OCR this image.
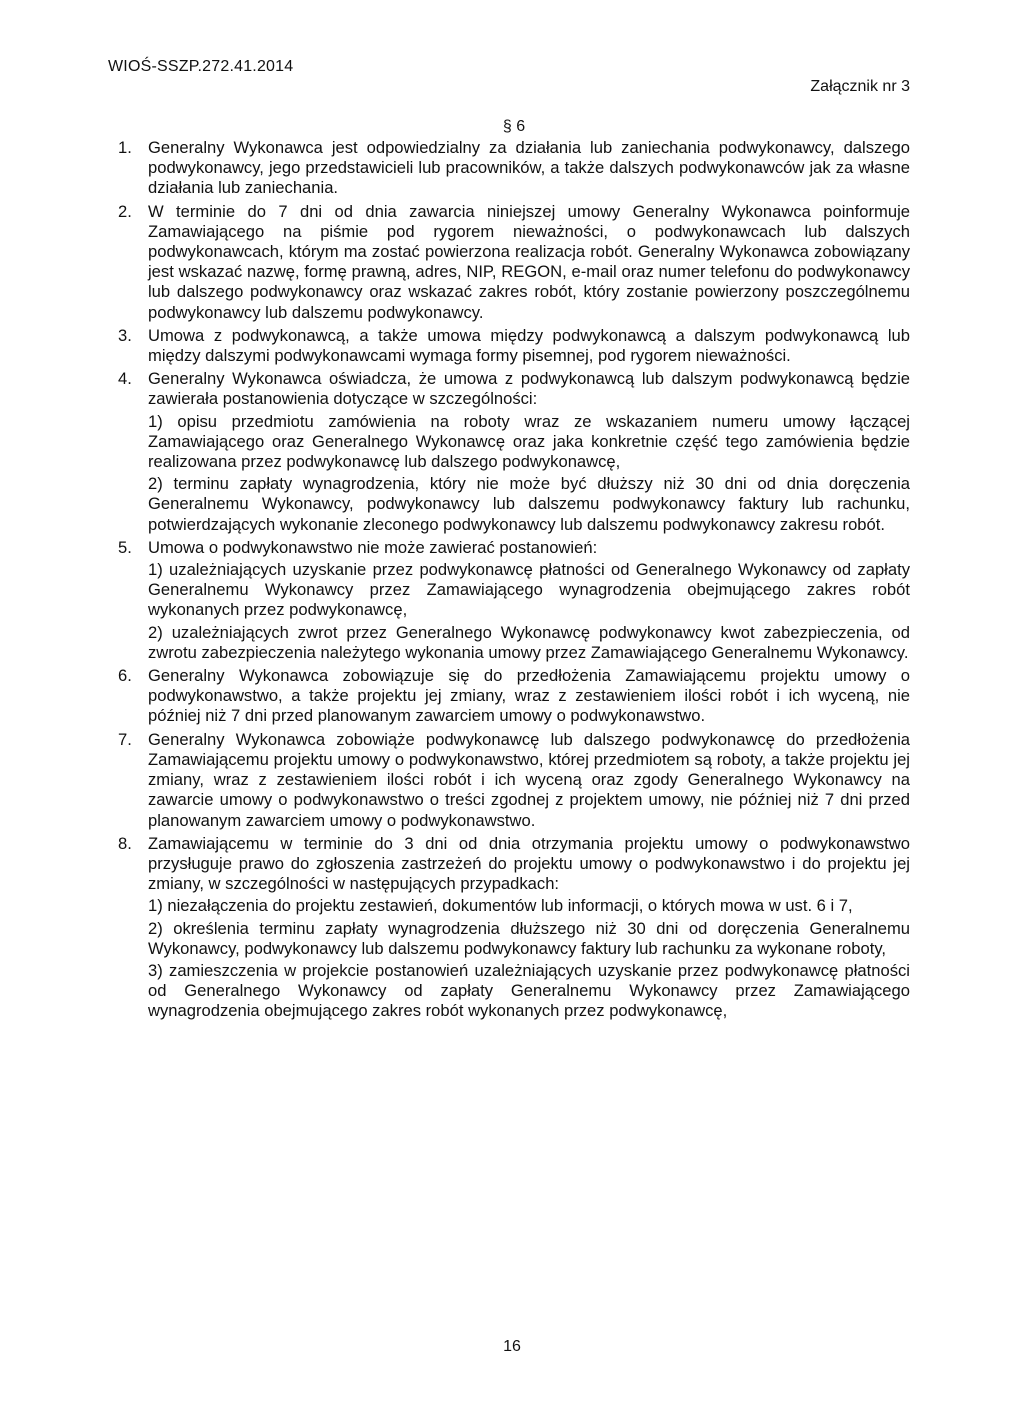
WIOŚ-SSZP.272.41.2014
Załącznik nr 3
§ 6
1. Generalny Wykonawca jest odpowiedzialny za działania lub zaniechania podwykonawcy, dalszego podwykonawcy, jego przedstawicieli lub pracowników, a także dalszych podwykonawców jak za własne działania lub zaniechania.

2. W terminie do 7 dni od dnia zawarcia niniejszej umowy Generalny Wykonawca poinformuje Zamawiającego na piśmie pod rygorem nieważności, o podwykonawcach lub dalszych podwykonawcach, którym ma zostać powierzona realizacja robót. Generalny Wykonawca zobowiązany jest wskazać nazwę, formę prawną, adres, NIP, REGON, e-mail oraz numer telefonu do podwykonawcy lub dalszego podwykonawcy oraz wskazać zakres robót, który zostanie powierzony poszczególnemu podwykonawcy lub dalszemu podwykonawcy.

3. Umowa z podwykonawcą, a także umowa między podwykonawcą a dalszym podwykonawcą lub między dalszymi podwykonawcami wymaga formy pisemnej, pod rygorem nieważności.

4. Generalny Wykonawca oświadcza, że umowa z podwykonawcą lub dalszym podwykonawcą będzie zawierała postanowienia dotyczące w szczególności:

1) opisu przedmiotu zamówienia na roboty wraz ze wskazaniem numeru umowy łączącej Zamawiającego oraz Generalnego Wykonawcę oraz jaka konkretnie część tego zamówienia będzie realizowana przez podwykonawcę lub dalszego podwykonawcę,

2) terminu zapłaty wynagrodzenia, który nie może być dłuższy niż 30 dni od dnia doręczenia Generalnemu Wykonawcy, podwykonawcy lub dalszemu podwykonawcy faktury lub rachunku, potwierdzających wykonanie zleconego podwykonawcy lub dalszemu podwykonawcy zakresu robót.

5. Umowa o podwykonawstwo nie może zawierać postanowień:

1) uzależniających uzyskanie przez podwykonawcę płatności od Generalnego Wykonawcy od zapłaty Generalnemu Wykonawcy przez Zamawiającego wynagrodzenia obejmującego zakres robót wykonanych przez podwykonawcę,

2) uzależniających zwrot przez Generalnego Wykonawcę podwykonawcy kwot zabezpieczenia, od zwrotu zabezpieczenia należytego wykonania umowy przez Zamawiającego Generalnemu Wykonawcy.

6. Generalny Wykonawca zobowiązuje się do przedłożenia Zamawiającemu projektu umowy o podwykonawstwo, a także projektu jej zmiany, wraz z zestawieniem ilości robót i ich wyceną, nie później niż 7 dni przed planowanym zawarciem umowy o podwykonawstwo.

7. Generalny Wykonawca zobowiąże podwykonawcę lub dalszego podwykonawcę do przedłożenia Zamawiającemu projektu umowy o podwykonawstwo, której przedmiotem są roboty, a także projektu jej zmiany, wraz z zestawieniem ilości robót i ich wyceną oraz zgody Generalnego Wykonawcy na zawarcie umowy o podwykonawstwo o treści zgodnej z projektem umowy, nie później niż 7 dni przed planowanym zawarciem umowy o podwykonawstwo.

8. Zamawiającemu w terminie do 3 dni od dnia otrzymania projektu umowy o podwykonawstwo przysługuje prawo do zgłoszenia zastrzeżeń do projektu umowy o podwykonawstwo i do projektu jej zmiany, w szczególności w następujących przypadkach:

1) niezałączenia do projektu zestawień, dokumentów lub informacji, o których mowa w ust. 6 i 7,

2) określenia terminu zapłaty wynagrodzenia dłuższego niż 30 dni od doręczenia Generalnemu Wykonawcy, podwykonawcy lub dalszemu podwykonawcy faktury lub rachunku za wykonane roboty,

3) zamieszczenia w projekcie postanowień uzależniających uzyskanie przez podwykonawcę płatności od Generalnego Wykonawcy od zapłaty Generalnemu Wykonawcy przez Zamawiającego wynagrodzenia obejmującego zakres robót wykonanych przez podwykonawcę,

16
